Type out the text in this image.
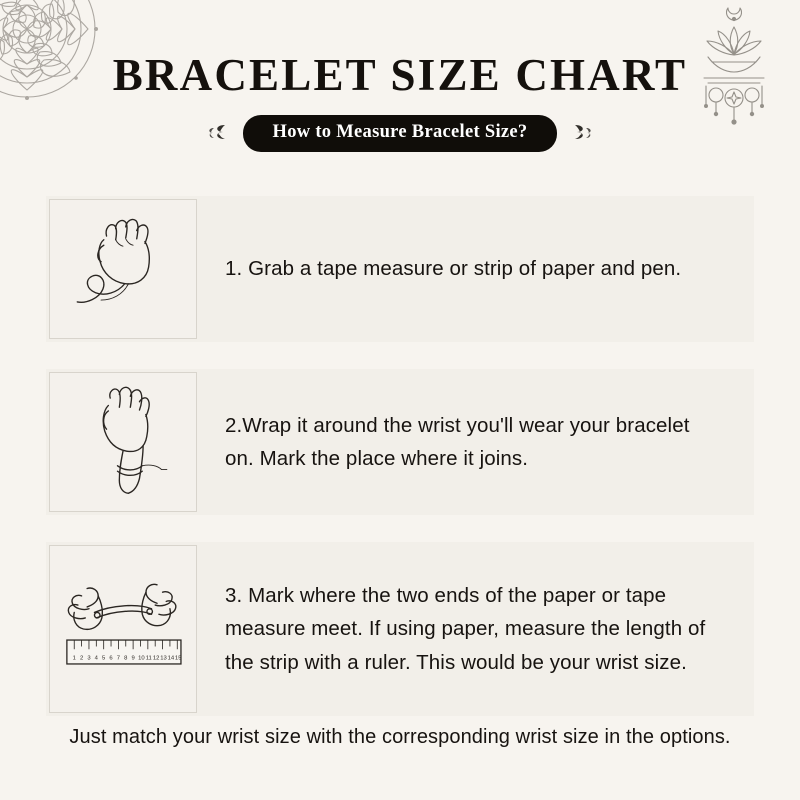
BRACELET SIZE CHART
How to Measure Bracelet Size?
1. Grab a tape measure or strip of paper and pen.
2.Wrap it around the wrist you'll wear your bracelet on. Mark the place where it joins.
1 2 3 4 5 6 7 8 9 10 11 12 13 14 15
3. Mark where the two ends of the paper or tape measure meet. If using paper, measure the length of the strip with a ruler. This would be your wrist size.
Just match your wrist size with the corresponding wrist size in the options.
